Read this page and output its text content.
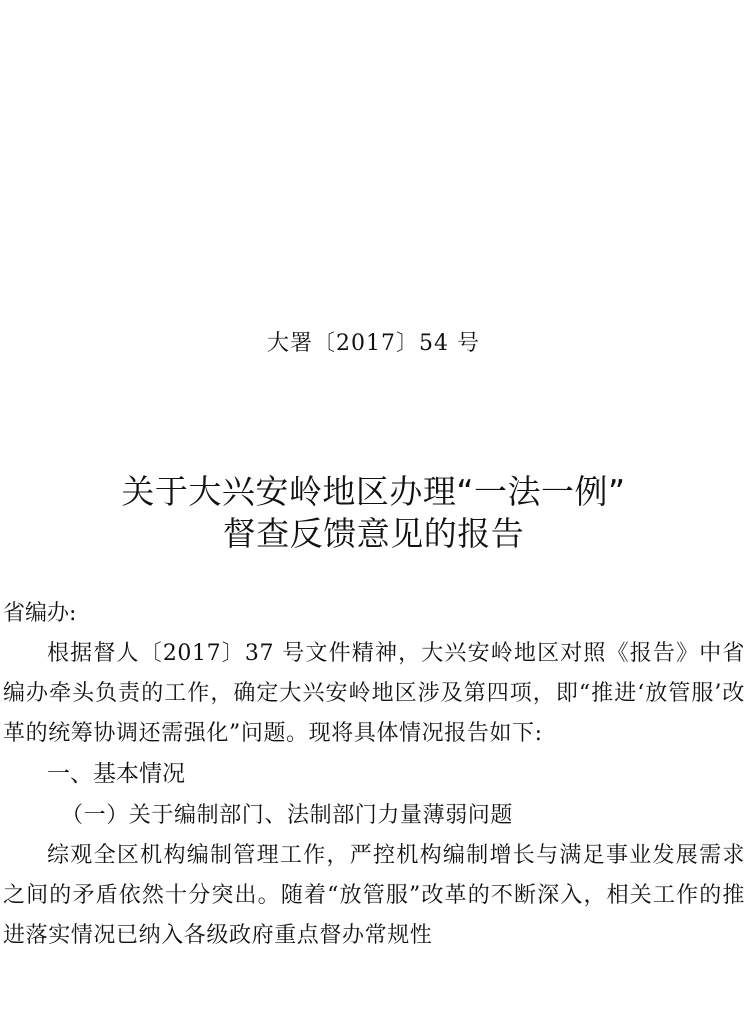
大署〔2017〕54 号
关于大兴安岭地区办理“一法一例”
督查反馈意见的报告

省编办:

根据督人〔2017〕37 号文件精神，大兴安岭地区对照《报告》中省编办牵头负责的工作，确定大兴安岭地区涉及第四项，即“推进‘放管服’改革的统筹协调还需强化”问题。现将具体情况报告如下:

一、基本情况

（一）关于编制部门、法制部门力量薄弱问题

综观全区机构编制管理工作，严控机构编制增长与满足事业发展需求之间的矛盾依然十分突出。随着“放管服”改革的不断深入，相关工作的推进落实情况已纳入各级政府重点督办常规性
